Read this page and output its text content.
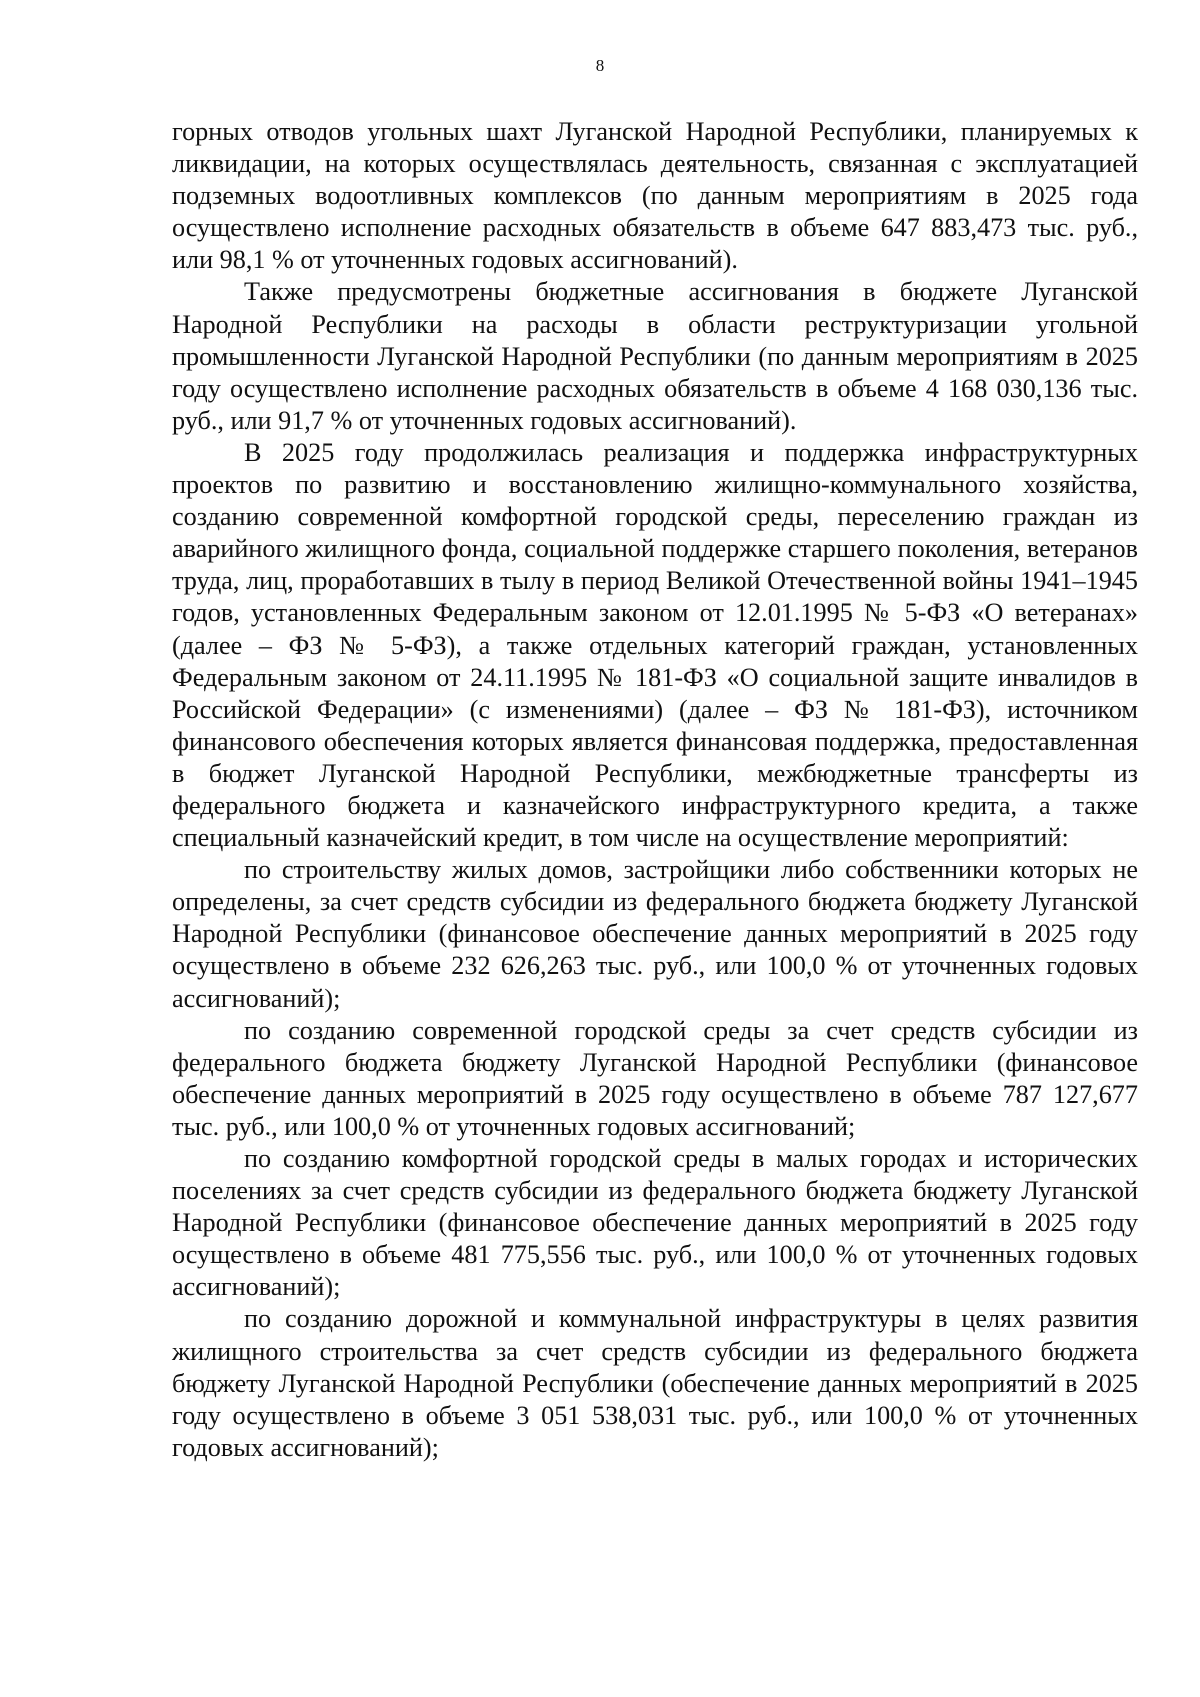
8

горных отводов угольных шахт Луганской Народной Республики, планируемых к ликвидации, на которых осуществлялась деятельность, связанная с эксплуатацией подземных водоотливных комплексов (по данным мероприятиям в 2025 года осуществлено исполнение расходных обязательств в объеме 647 883,473 тыс. руб., или 98,1 % от уточненных годовых ассигнований).

Также предусмотрены бюджетные ассигнования в бюджете Луганской Народной Республики на расходы в области реструктуризации угольной промышленности Луганской Народной Республики (по данным мероприятиям в 2025 году осуществлено исполнение расходных обязательств в объеме 4 168 030,136 тыс. руб., или 91,7 % от уточненных годовых ассигнований).

В 2025 году продолжилась реализация и поддержка инфраструктурных проектов по развитию и восстановлению жилищно-коммунального хозяйства, созданию современной комфортной городской среды, переселению граждан из аварийного жилищного фонда, социальной поддержке старшего поколения, ветеранов труда, лиц, проработавших в тылу в период Великой Отечественной войны 1941–1945 годов, установленных Федеральным законом от 12.01.1995 № 5-ФЗ «О ветеранах» (далее – ФЗ № 5-ФЗ), а также отдельных категорий граждан, установленных Федеральным законом от 24.11.1995 № 181-ФЗ «О социальной защите инвалидов в Российской Федерации» (с изменениями) (далее – ФЗ № 181-ФЗ), источником финансового обеспечения которых является финансовая поддержка, предоставленная в бюджет Луганской Народной Республики, межбюджетные трансферты из федерального бюджета и казначейского инфраструктурного кредита, а также специальный казначейский кредит, в том числе на осуществление мероприятий:

по строительству жилых домов, застройщики либо собственники которых не определены, за счет средств субсидии из федерального бюджета бюджету Луганской Народной Республики (финансовое обеспечение данных мероприятий в 2025 году осуществлено в объеме 232 626,263 тыс. руб., или 100,0 % от уточненных годовых ассигнований);

по созданию современной городской среды за счет средств субсидии из федерального бюджета бюджету Луганской Народной Республики (финансовое обеспечение данных мероприятий в 2025 году осуществлено в объеме 787 127,677 тыс. руб., или 100,0 % от уточненных годовых ассигнований;

по созданию комфортной городской среды в малых городах и исторических поселениях за счет средств субсидии из федерального бюджета бюджету Луганской Народной Республики (финансовое обеспечение данных мероприятий в 2025 году осуществлено в объеме 481 775,556 тыс. руб., или 100,0 % от уточненных годовых ассигнований);

по созданию дорожной и коммунальной инфраструктуры в целях развития жилищного строительства за счет средств субсидии из федерального бюджета бюджету Луганской Народной Республики (обеспечение данных мероприятий в 2025 году осуществлено в объеме 3 051 538,031 тыс. руб., или 100,0 % от уточненных годовых ассигнований);
